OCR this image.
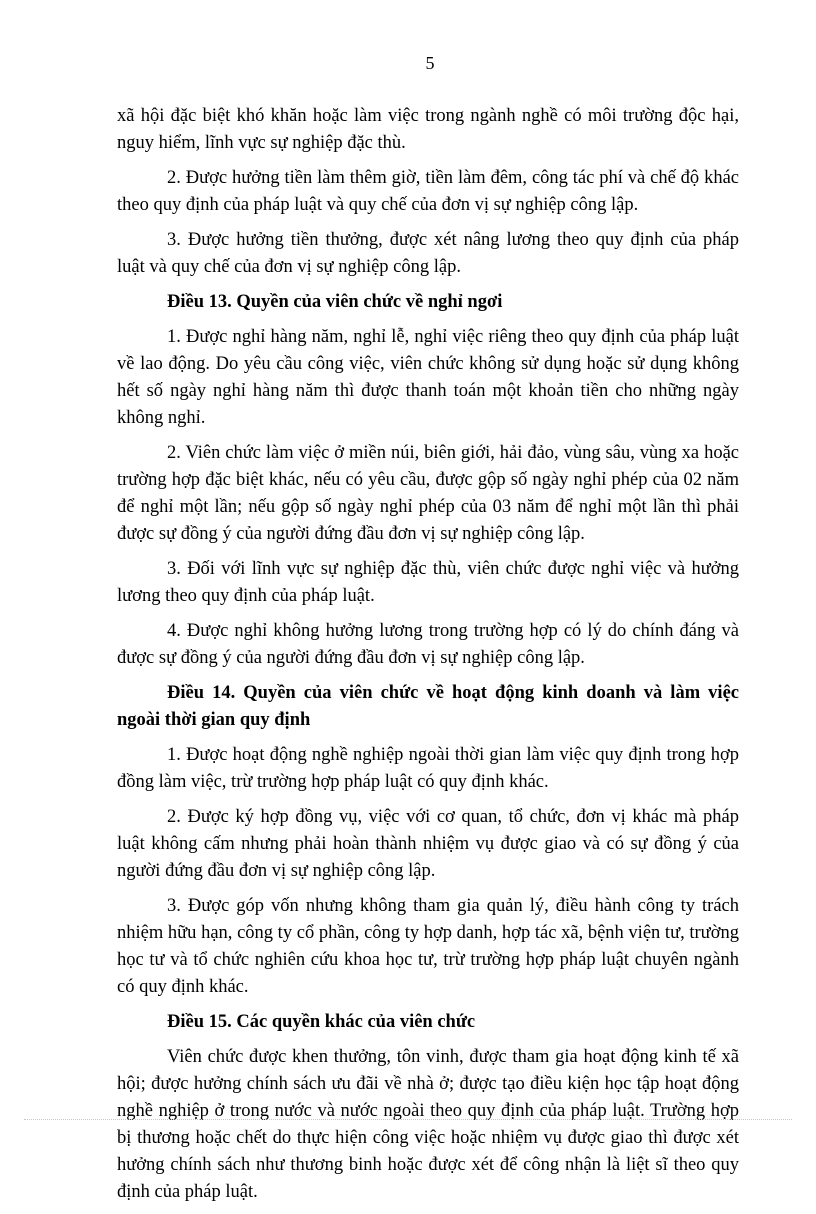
5

xã hội đặc biệt khó khăn hoặc làm việc trong ngành nghề có môi trường độc hại, nguy hiểm, lĩnh vực sự nghiệp đặc thù.

2. Được hưởng tiền làm thêm giờ, tiền làm đêm, công tác phí và chế độ khác theo quy định của pháp luật và quy chế của đơn vị sự nghiệp công lập.

3. Được hưởng tiền thưởng, được xét nâng lương theo quy định của pháp luật và quy chế của đơn vị sự nghiệp công lập.

Điều 13. Quyền của viên chức về nghỉ ngơi

1. Được nghỉ hàng năm, nghỉ lễ, nghỉ việc riêng theo quy định của pháp luật về lao động. Do yêu cầu công việc, viên chức không sử dụng hoặc sử dụng không hết số ngày nghỉ hàng năm thì được thanh toán một khoản tiền cho những ngày không nghỉ.

2. Viên chức làm việc ở miền núi, biên giới, hải đảo, vùng sâu, vùng xa hoặc trường hợp đặc biệt khác, nếu có yêu cầu, được gộp số ngày nghỉ phép của 02 năm để nghỉ một lần; nếu gộp số ngày nghỉ phép của 03 năm để nghỉ một lần thì phải được sự đồng ý của người đứng đầu đơn vị sự nghiệp công lập.

3. Đối với lĩnh vực sự nghiệp đặc thù, viên chức được nghỉ việc và hưởng lương theo quy định của pháp luật.

4. Được nghỉ không hưởng lương trong trường hợp có lý do chính đáng và được sự đồng ý của người đứng đầu đơn vị sự nghiệp công lập.

Điều 14. Quyền của viên chức về hoạt động kinh doanh và làm việc ngoài thời gian quy định

1. Được hoạt động nghề nghiệp ngoài thời gian làm việc quy định trong hợp đồng làm việc, trừ trường hợp pháp luật có quy định khác.

2. Được ký hợp đồng vụ, việc với cơ quan, tổ chức, đơn vị khác mà pháp luật không cấm nhưng phải hoàn thành nhiệm vụ được giao và có sự đồng ý của người đứng đầu đơn vị sự nghiệp công lập.

3. Được góp vốn nhưng không tham gia quản lý, điều hành công ty trách nhiệm hữu hạn, công ty cổ phần, công ty hợp danh, hợp tác xã, bệnh viện tư, trường học tư và tổ chức nghiên cứu khoa học tư, trừ trường hợp pháp luật chuyên ngành có quy định khác.

Điều 15. Các quyền khác của viên chức

Viên chức được khen thưởng, tôn vinh, được tham gia hoạt động kinh tế xã hội; được hưởng chính sách ưu đãi về nhà ở; được tạo điều kiện học tập hoạt động nghề nghiệp ở trong nước và nước ngoài theo quy định của pháp luật. Trường hợp bị thương hoặc chết do thực hiện công việc hoặc nhiệm vụ được giao thì được xét hưởng chính sách như thương binh hoặc được xét để công nhận là liệt sĩ theo quy định của pháp luật.
